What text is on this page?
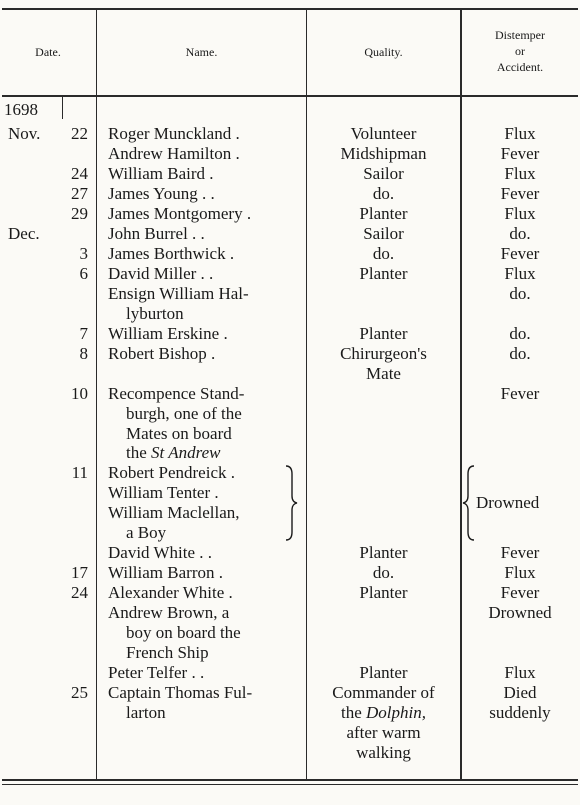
Date.	Name.	Quality.
Distemper
or
Accident.
1698
Nov.
Dec.
22
24
27
29
3
6
7
8
10
11
17
24
25
Roger Munckland .
Andrew Hamilton .
William Baird .
James Young . .
James Montgomery .
John Burrel . .
James Borthwick .
David Miller . .
Ensign William Hal-
lyburton
William Erskine .
Robert Bishop .
Recompence Stand-
burgh, one of the
Mates on board
the St Andrew
Robert Pendreick .
William Tenter .
William Maclellan,
a Boy
David White . .
William Barron .
Alexander White .
Andrew Brown, a
boy on board the
French Ship
Peter Telfer . .
Captain Thomas Ful-
larton
Volunteer
Midshipman
Sailor
do.
Planter
Sailor
do.
Planter
Planter
Chirurgeon's
Mate
Planter
do.
Planter
Planter
Commander of
the Dolphin,
after warm
walking
Flux
Fever
Flux
Fever
Flux
do.
Fever
Flux
do.
do.
do.
Fever
Drowned
Fever
Flux
Fever
Drowned
Flux
Died
suddenly
